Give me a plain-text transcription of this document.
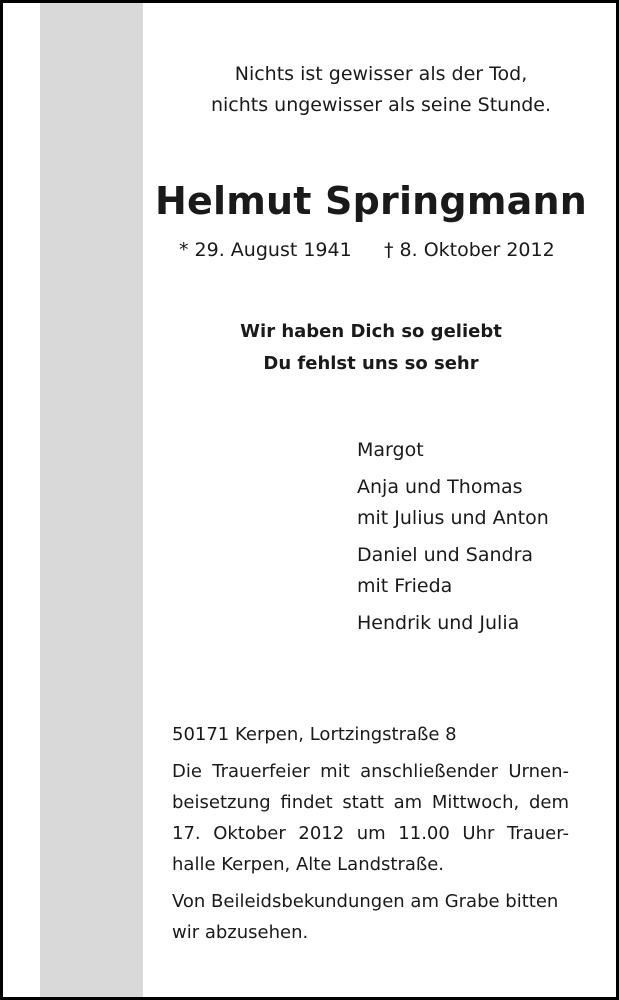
Nichts ist gewisser als der Tod,
nichts ungewisser als seine Stunde.
Helmut Springmann
* 29. August 1941 † 8. Oktober 2012
Wir haben Dich so geliebt
Du fehlst uns so sehr
Margot
Anja und Thomas
mit Julius und Anton
Daniel und Sandra
mit Frieda
Hendrik und Julia

50171 Kerpen, Lortzingstraße 8

Die Trauerfeier mit anschließender Urnen- beisetzung findet statt am Mittwoch, dem 17. Oktober 2012 um 11.00 Uhr Trauer- halle Kerpen, Alte Landstraße.

Von Beileidsbekundungen am Grabe bitten
wir abzusehen.
